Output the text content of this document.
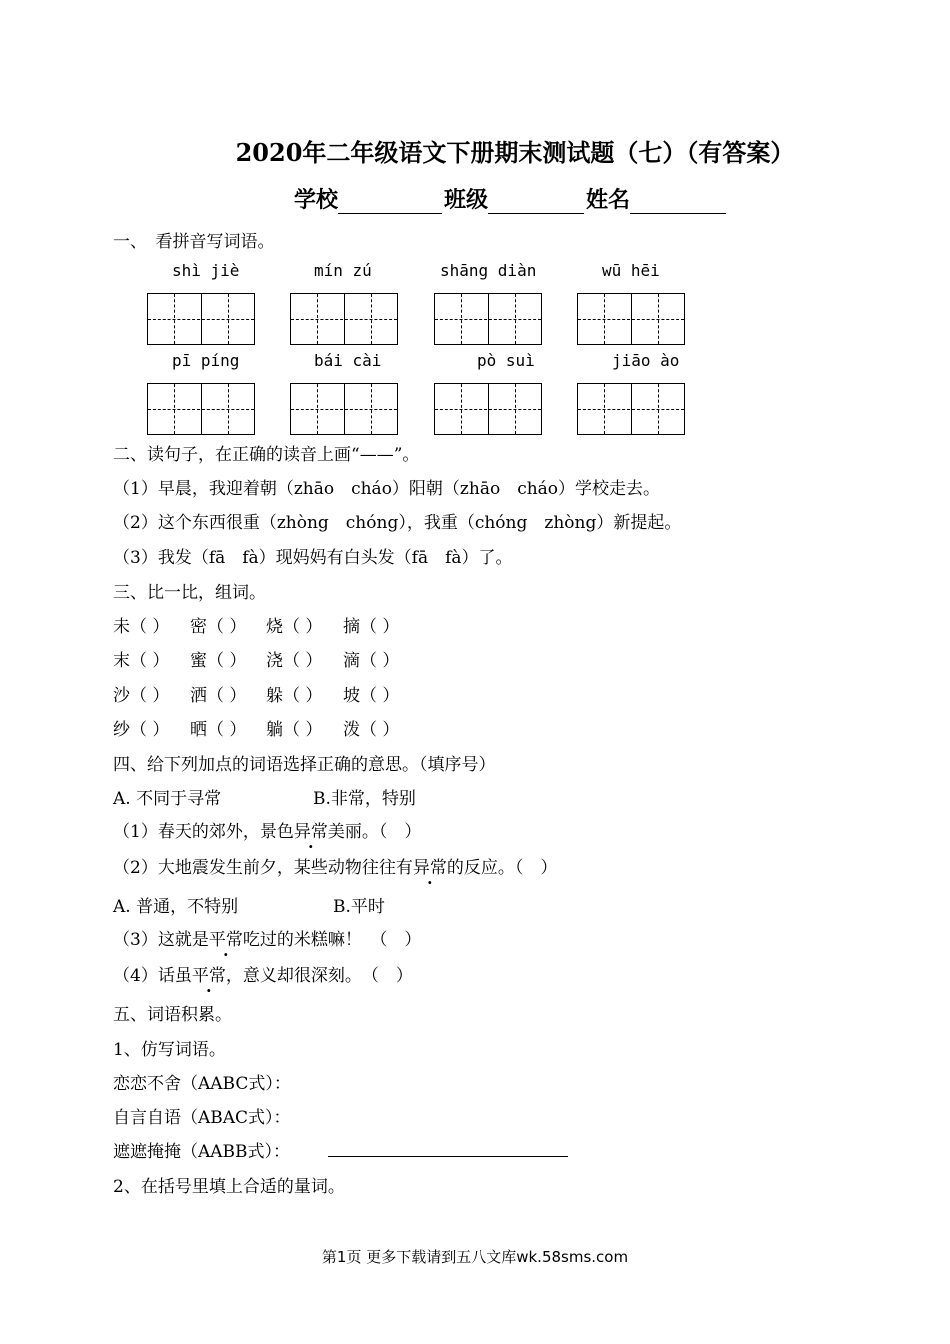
2020年二年级语文下册期末测试题（七）（有答案）
学校	班级	姓名
一、　看拼音写词语。
shì jiè	mín zú	shāng diàn	wū hēi
pī píng	bái cài	pò suì	jiāo ào
二、读句子，在正确的读音上画“——”。
（1）早晨，我迎着朝（zhāo　cháo）阳朝（zhāo　cháo）学校走去。
（2）这个东西很重（zhòng　chóng），我重（chóng　zhòng）新提起。
（3）我发（fā　fà）现妈妈有白头发（fā　fà）了。
三、比一比，组词。
未（ ） 密（ ） 烧（ ） 摘（ ）
末（ ） 蜜（ ） 浇（ ） 滴（ ）
沙（ ） 洒（ ） 躲（ ） 坡（ ）
纱（ ） 晒（ ） 躺（ ） 泼（ ）
四、给下列加点的词语选择正确的意思。（填序号）
A. 不同于寻常	B.非常，特别
（1）春天的郊外，景色异常美丽。（　）
（2）大地震发生前夕，某些动物往往有异常的反应。（　）
A. 普通，不特别	B.平时
（3）这就是平常吃过的米糕嘛！　（　）
（4）话虽平常，意义却很深刻。　（　）
五、词语积累。
1、仿写词语。
恋恋不舍（AABC式）：
自言自语（ABAC式）：
遮遮掩掩（AABB式）：
2、在括号里填上合适的量词。
第1页 更多下载请到五八文库wk.58sms.com
